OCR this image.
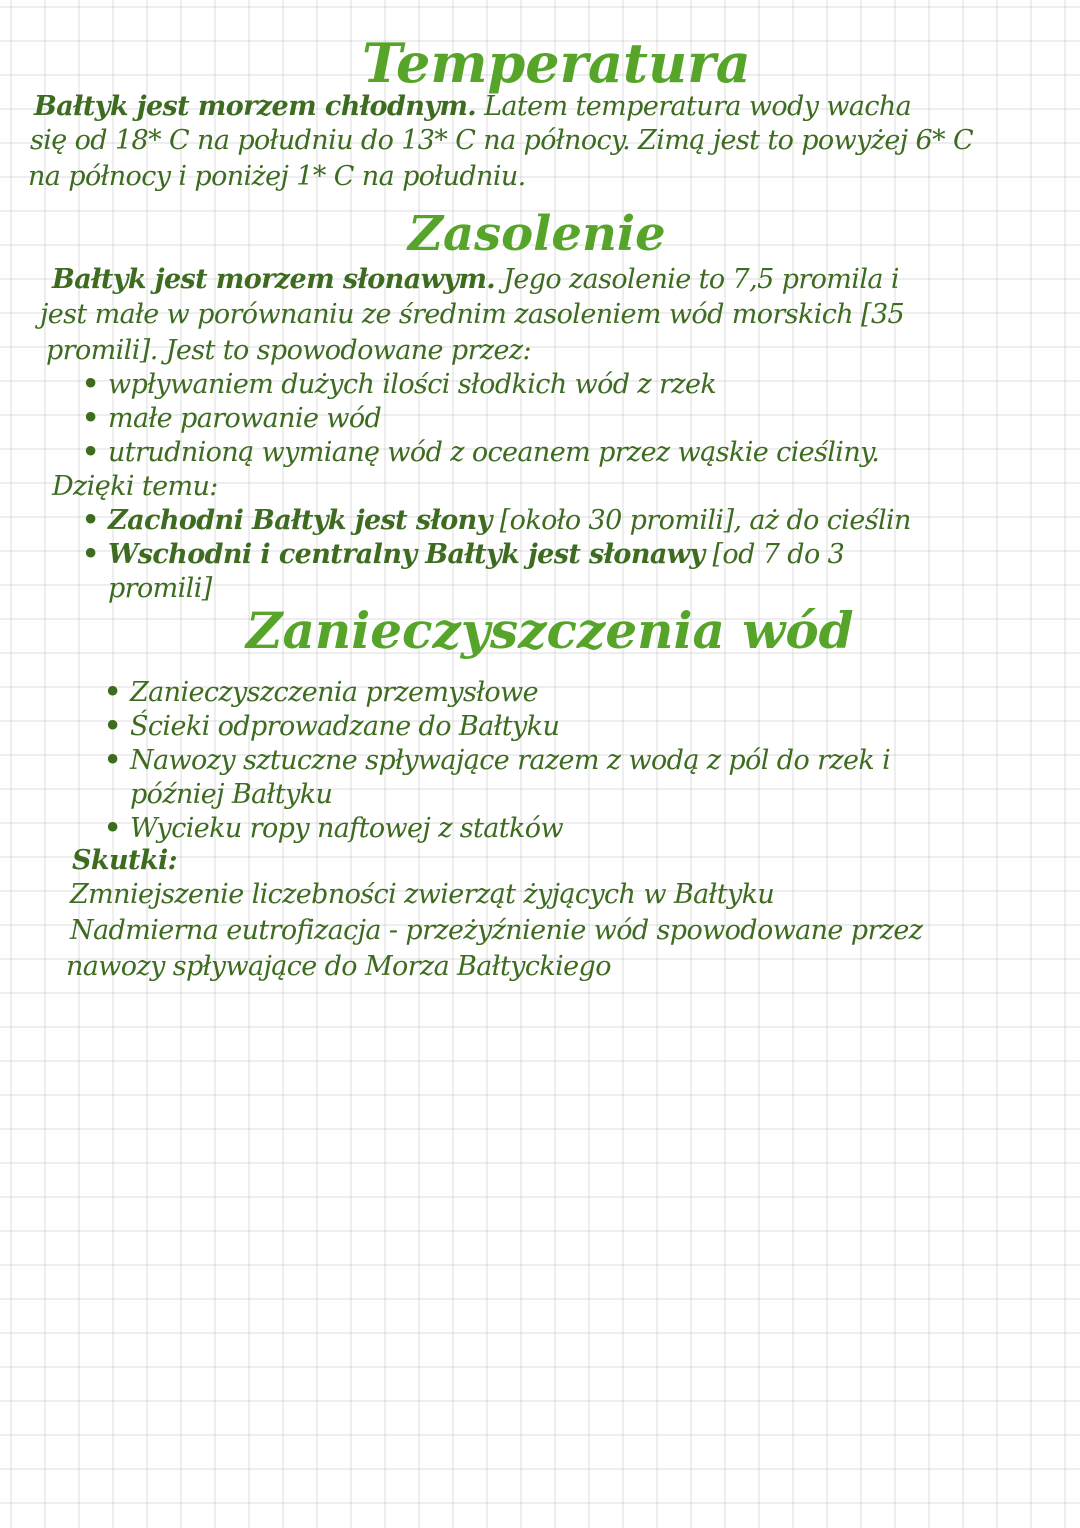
Temperatura

Bałtyk jest morzem chłodnym. Latem temperatura wody wacha

się od 18* C na południu do 13* C na północy. Zimą jest to powyżej 6* C

na północy i poniżej 1* C na południu.

Zasolenie

Bałtyk jest morzem słonawym. Jego zasolenie to 7,5 promila i

jest małe w porównaniu ze średnim zasoleniem wód morskich [35

promili]. Jest to spowodowane przez:

• wpływaniem dużych ilości słodkich wód z rzek

• małe parowanie wód

• utrudnioną wymianę wód z oceanem przez wąskie cieśliny.

Dzięki temu:

• Zachodni Bałtyk jest słony [około 30 promili], aż do cieślin

• Wschodni i centralny Bałtyk jest słonawy [od 7 do 3

promili]

Zanieczyszczenia wód

• Zanieczyszczenia przemysłowe

• Ścieki odprowadzane do Bałtyku

• Nawozy sztuczne spływające razem z wodą z pól do rzek i

później Bałtyku

• Wycieku ropy naftowej z statków

Skutki:

Zmniejszenie liczebności zwierząt żyjących w Bałtyku

Nadmierna eutrofizacja - przeżyźnienie wód spowodowane przez

nawozy spływające do Morza Bałtyckiego
